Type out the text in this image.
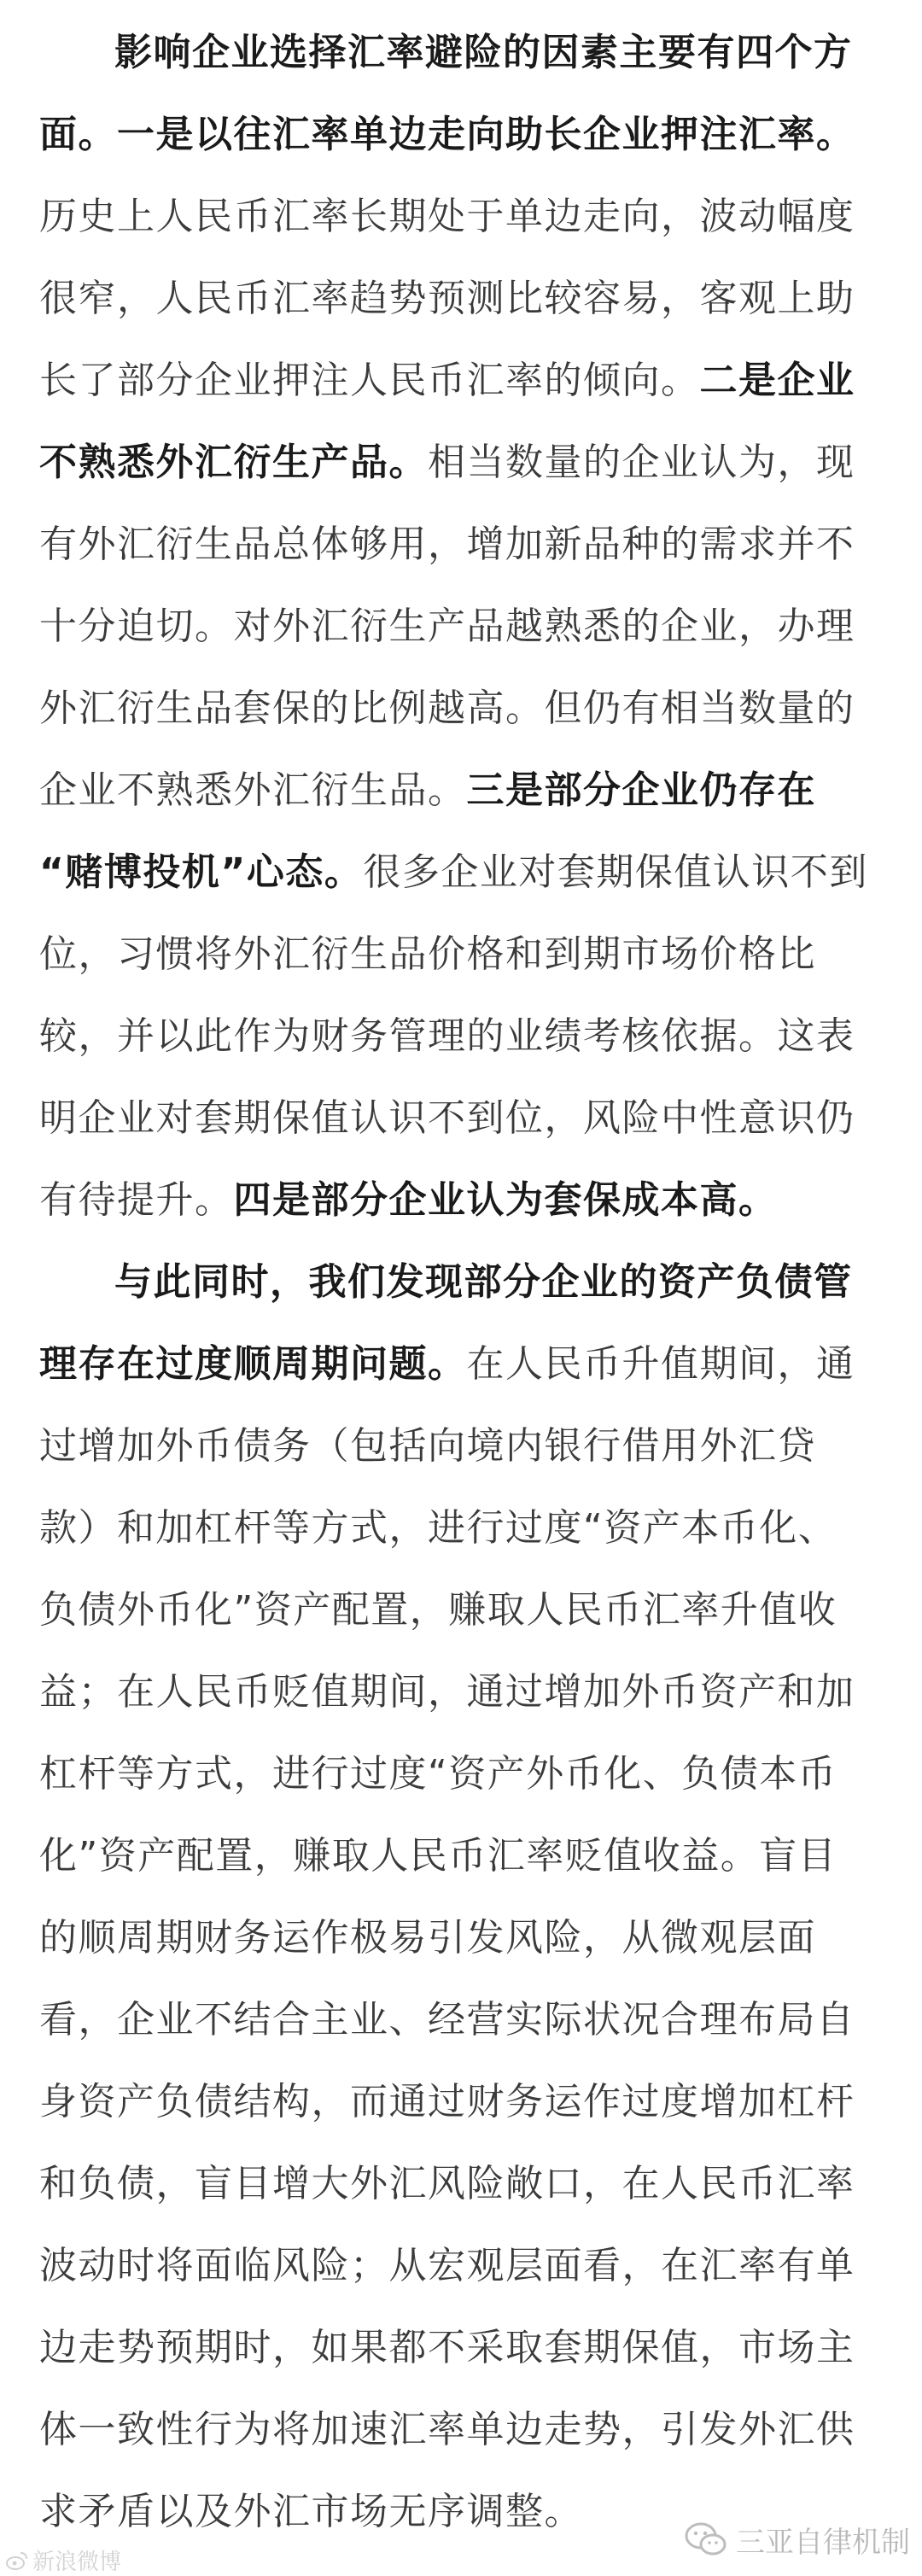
影响企业选择汇率避险的因素主要有四个方
面。一是以往汇率单边走向助长企业押注汇率。
历史上人民币汇率长期处于单边走向，波动幅度
很窄，人民币汇率趋势预测比较容易，客观上助
长了部分企业押注人民币汇率的倾向。二是企业
不熟悉外汇衍生产品。相当数量的企业认为，现
有外汇衍生品总体够用，增加新品种的需求并不
十分迫切。对外汇衍生产品越熟悉的企业，办理
外汇衍生品套保的比例越高。但仍有相当数量的
企业不熟悉外汇衍生品。三是部分企业仍存在
“赌博投机”心态。很多企业对套期保值认识不到
位，习惯将外汇衍生品价格和到期市场价格比
较，并以此作为财务管理的业绩考核依据。这表
明企业对套期保值认识不到位，风险中性意识仍
有待提升。四是部分企业认为套保成本高。
与此同时，我们发现部分企业的资产负债管
理存在过度顺周期问题。在人民币升值期间，通
过增加外币债务（包括向境内银行借用外汇贷
款）和加杠杆等方式，进行过度“资产本币化、
负债外币化”资产配置，赚取人民币汇率升值收
益；在人民币贬值期间，通过增加外币资产和加
杠杆等方式，进行过度“资产外币化、负债本币
化”资产配置，赚取人民币汇率贬值收益。盲目
的顺周期财务运作极易引发风险，从微观层面
看，企业不结合主业、经营实际状况合理布局自
身资产负债结构，而通过财务运作过度增加杠杆
和负债，盲目增大外汇风险敞口，在人民币汇率
波动时将面临风险；从宏观层面看，在汇率有单
边走势预期时，如果都不采取套期保值，市场主
体一致性行为将加速汇率单边走势，引发外汇供
求矛盾以及外汇市场无序调整。
三亚自律机制
新浪微博
